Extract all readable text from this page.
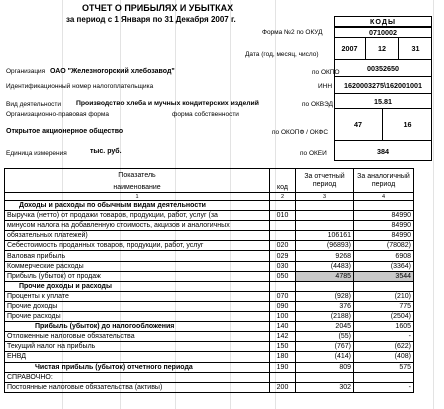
ОТЧЕТ О ПРИБЫЛЯХ И УБЫТКАХ
за период с 1 Января по 31 Декабря 2007 г.	КОДЫ
Форма №2 по ОКУД	0710002
Дата (год, месяц, число)
2007	12	31
Организация ОАО "Железногорский хлебозавод"	по ОКПО	00352650
Идентификационный номер налогоплательщика	ИНН	1620003275\162001001
Вид деятельности Производство хлеба и мучных кондитерских изделий	по ОКВЭД	15.81
Организационно-правовая форма	форма собственности
47	16
Открытое акционерное общество	по ОКОПФ / ОКФС
Единица измерения	тыс. руб.	по ОКЕИ	384
Показатель		За отчетный период	За аналогичный период
наименование	код		
1	2	3	4
Доходы и расходы по обычным видам деятельности			
Выручка (нетто) от продажи товаров, продукции, работ, услуг (за	010		84990
минусом налога на добавленную стоимость, акцизов и аналогичных			84990
обязательных платежей)		106161	84990
Себестоимость проданных товаров, продукции, работ, услуг	020	(96893)	(78082)
Валовая прибыль	029	9268	6908
Коммерческие расходы	030	(4483)	(3364)
Прибыль (убыток) от продаж	050	4785	3544
Прочие доходы и расходы			
Проценты к уплате	070	(928)	(210)
Прочие доходы	090	376	775
Прочие расходы	100	(2188)	(2504)
Прибыль (убыток) до налогообложения	140	2045	1605
Отложенные налоговые обязательства	142	(55)	-
Текущий налог на прибыль	150	(767)	(622)
ЕНВД	180	(414)	(408)
Чистая прибыль (убыток) отчетного периода	190	809	575
СПРАВОЧНО:			
Постоянные налоговые обязательства (активы)	200	302	-
